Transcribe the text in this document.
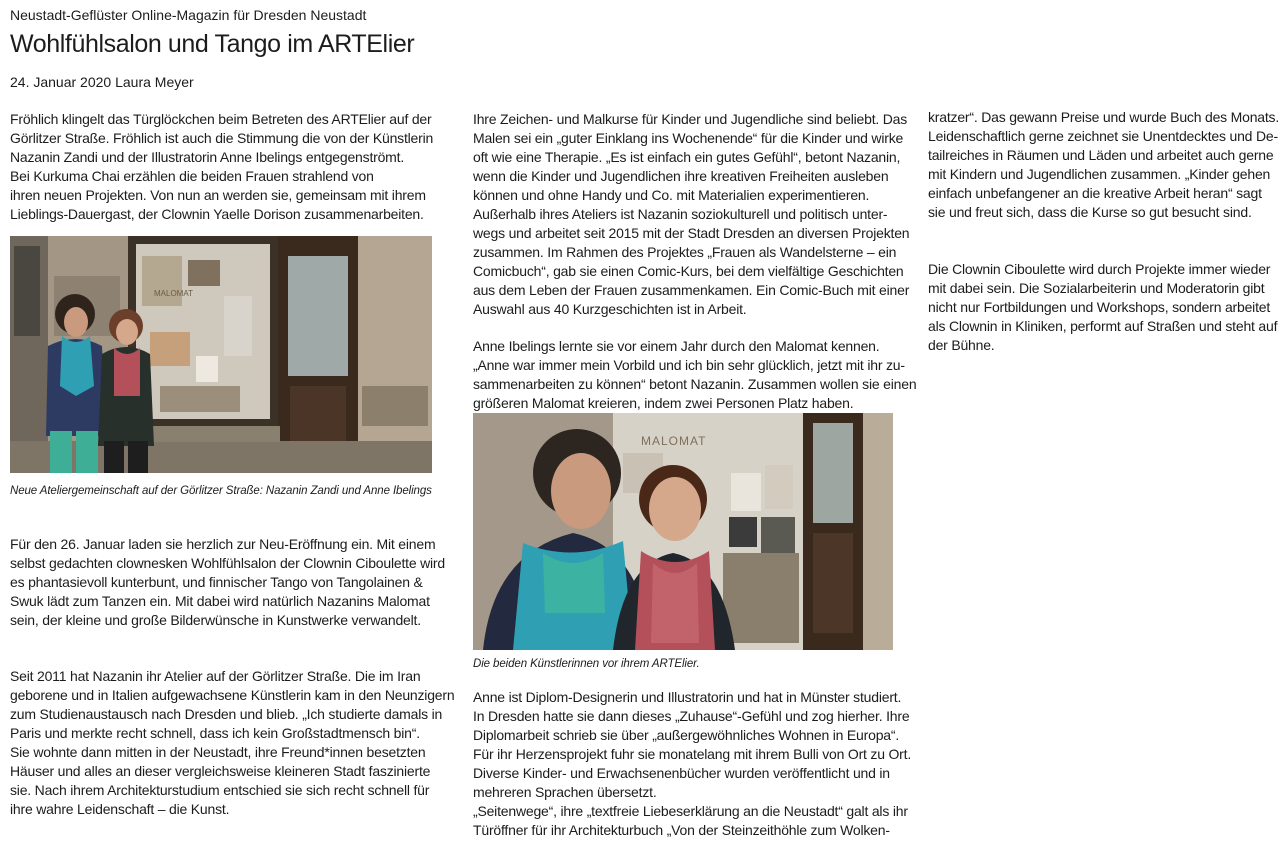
Neustadt-Geflüster Online-Magazin für Dresden Neustadt
Wohlfühlsalon und Tango im ARTElier
24. Januar 2020 Laura Meyer

Fröhlich klingelt das Türglöckchen beim Betreten des ARTElier auf der
Görlitzer Straße. Fröhlich ist auch die Stimmung die von der Künstlerin
Nazanin Zandi und der Illustratorin Anne Ibelings entgegenströmt.
Bei Kurkuma Chai erzählen die beiden Frauen strahlend von
ihren neuen Projekten. Von nun an werden sie, gemeinsam mit ihrem
Lieblings-Dauergast, der Clownin Yaelle Dorison zusammenarbeiten.

Für den 26. Januar laden sie herzlich zur Neu-Eröffnung ein. Mit einem
selbst gedachten clownesken Wohlfühlsalon der Clownin Ciboulette wird
es phantasievoll kunterbunt, und finnischer Tango von Tangolainen &
Swuk lädt zum Tanzen ein. Mit dabei wird natürlich Nazanins Malomat
sein, der kleine und große Bilderwünsche in Kunstwerke verwandelt.

Seit 2011 hat Nazanin ihr Atelier auf der Görlitzer Straße. Die im Iran
geborene und in Italien aufgewachsene Künstlerin kam in den Neunzigern
zum Studienaustausch nach Dresden und blieb. „Ich studierte damals in
Paris und merkte recht schnell, dass ich kein Großstadtmensch bin“.
Sie wohnte dann mitten in der Neustadt, ihre Freund*innen besetzten
Häuser und alles an dieser vergleichsweise kleineren Stadt faszinierte
sie. Nach ihrem Architekturstudium entschied sie sich recht schnell für
ihre wahre Leidenschaft – die Kunst.

MALOMAT
Neue Ateliergemeinschaft auf der Görlitzer Straße: Nazanin Zandi und Anne Ibelings

Ihre Zeichen- und Malkurse für Kinder und Jugendliche sind beliebt. Das
Malen sei ein „guter Einklang ins Wochenende“ für die Kinder und wirke
oft wie eine Therapie. „Es ist einfach ein gutes Gefühl“, betont Nazanin,
wenn die Kinder und Jugendlichen ihre kreativen Freiheiten ausleben
können und ohne Handy und Co. mit Materialien experimentieren.
Außerhalb ihres Ateliers ist Nazanin soziokulturell und politisch unter-
wegs und arbeitet seit 2015 mit der Stadt Dresden an diversen Projekten
zusammen. Im Rahmen des Projektes „Frauen als Wandelsterne – ein
Comicbuch“, gab sie einen Comic-Kurs, bei dem vielfältige Geschichten
aus dem Leben der Frauen zusammenkamen. Ein Comic-Buch mit einer
Auswahl aus 40 Kurzgeschichten ist in Arbeit.

Anne Ibelings lernte sie vor einem Jahr durch den Malomat kennen.
„Anne war immer mein Vorbild und ich bin sehr glücklich, jetzt mit ihr zu-
sammenarbeiten zu können“ betont Nazanin. Zusammen wollen sie einen
größeren Malomat kreieren, indem zwei Personen Platz haben.

Anne ist Diplom-Designerin und Illustratorin und hat in Münster studiert.
In Dresden hatte sie dann dieses „Zuhause“-Gefühl und zog hierher. Ihre
Diplomarbeit schrieb sie über „außergewöhnliches Wohnen in Europa“.
Für ihr Herzensprojekt fuhr sie monatelang mit ihrem Bulli von Ort zu Ort.
Diverse Kinder- und Erwachsenenbücher wurden veröffentlicht und in
mehreren Sprachen übersetzt.
„Seitenwege“, ihre „textfreie Liebeserklärung an die Neustadt“ galt als ihr
Türöffner für ihr Architekturbuch „Von der Steinzeithöhle zum Wolken-

MALOMAT
Die beiden Künstlerinnen vor ihrem ARTElier.

kratzer“. Das gewann Preise und wurde Buch des Monats.
Leidenschaftlich gerne zeichnet sie Unentdecktes und De-
tailreiches in Räumen und Läden und arbeitet auch gerne
mit Kindern und Jugendlichen zusammen. „Kinder gehen
einfach unbefangener an die kreative Arbeit heran“ sagt
sie und freut sich, dass die Kurse so gut besucht sind.

Die Clownin Ciboulette wird durch Projekte immer wieder
mit dabei sein. Die Sozialarbeiterin und Moderatorin gibt
nicht nur Fortbildungen und Workshops, sondern arbeitet
als Clownin in Kliniken, performt auf Straßen und steht auf
der Bühne.
